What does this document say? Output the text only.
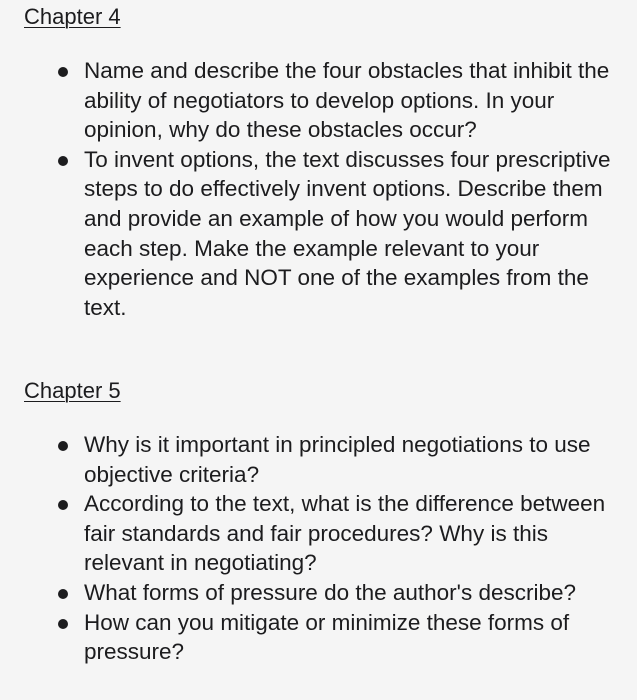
Chapter 4
Name and describe the four obstacles that inhibit the ability of negotiators to develop options. In your opinion, why do these obstacles occur?
To invent options, the text discusses four prescriptive steps to do effectively invent options. Describe them and provide an example of how you would perform each step. Make the example relevant to your experience and NOT one of the examples from the text.
Chapter 5
Why is it important in principled negotiations to use objective criteria?
According to the text, what is the difference between fair standards and fair procedures? Why is this relevant in negotiating?
What forms of pressure do the author's describe?
How can you mitigate or minimize these forms of pressure?
